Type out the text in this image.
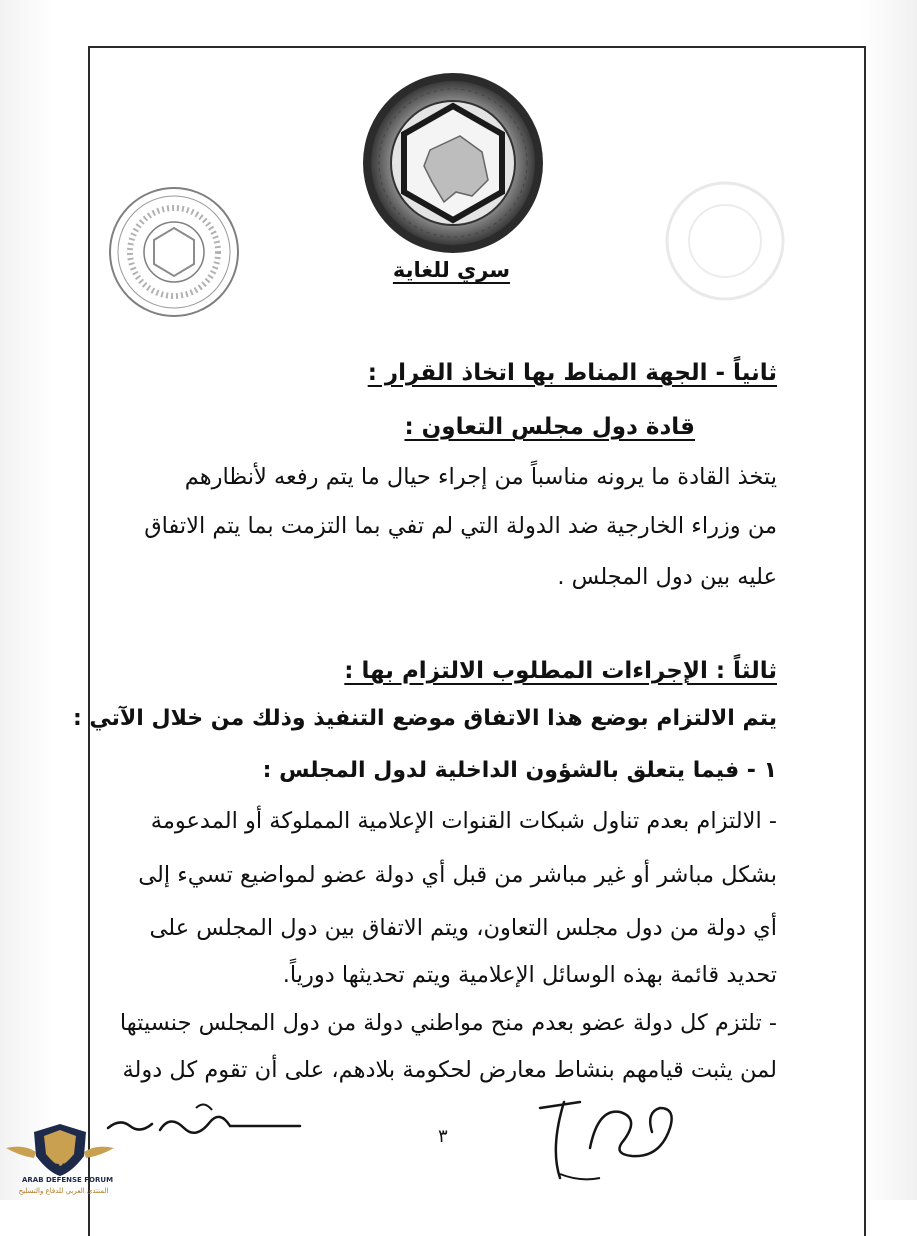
سري للغاية
ثانياً - الجهة المناط بها اتخاذ القرار :
قادة دول مجلس التعاون :
يتخذ القادة ما يرونه مناسباً من إجراء حيال ما يتم رفعه لأنظارهم
من وزراء الخارجية ضد الدولة التي لم تفي بما التزمت بما يتم الاتفاق
عليه بين دول المجلس .
ثالثاً : الإجراءات المطلوب الالتزام بها :
يتم الالتزام بوضع هذا الاتفاق موضع التنفيذ وذلك من خلال الآتي :
١ - فيما يتعلق بالشؤون الداخلية لدول المجلس :
- الالتزام بعدم تناول شبكات القنوات الإعلامية المملوكة أو المدعومة
بشكل مباشر أو غير مباشر من قبل أي دولة عضو لمواضيع تسيء إلى
أي دولة من دول مجلس التعاون، ويتم الاتفاق بين دول المجلس على
تحديد قائمة بهذه الوسائل الإعلامية ويتم تحديثها دورياً.
- تلتزم كل دولة عضو بعدم منح مواطني دولة من دول المجلس جنسيتها
لمن يثبت قيامهم بنشاط معارض لحكومة بلادهم، على أن تقوم كل دولة
٣
DA
ARAB DEFENSE FORUM
المنتدى العربي للدفاع والتسليح
